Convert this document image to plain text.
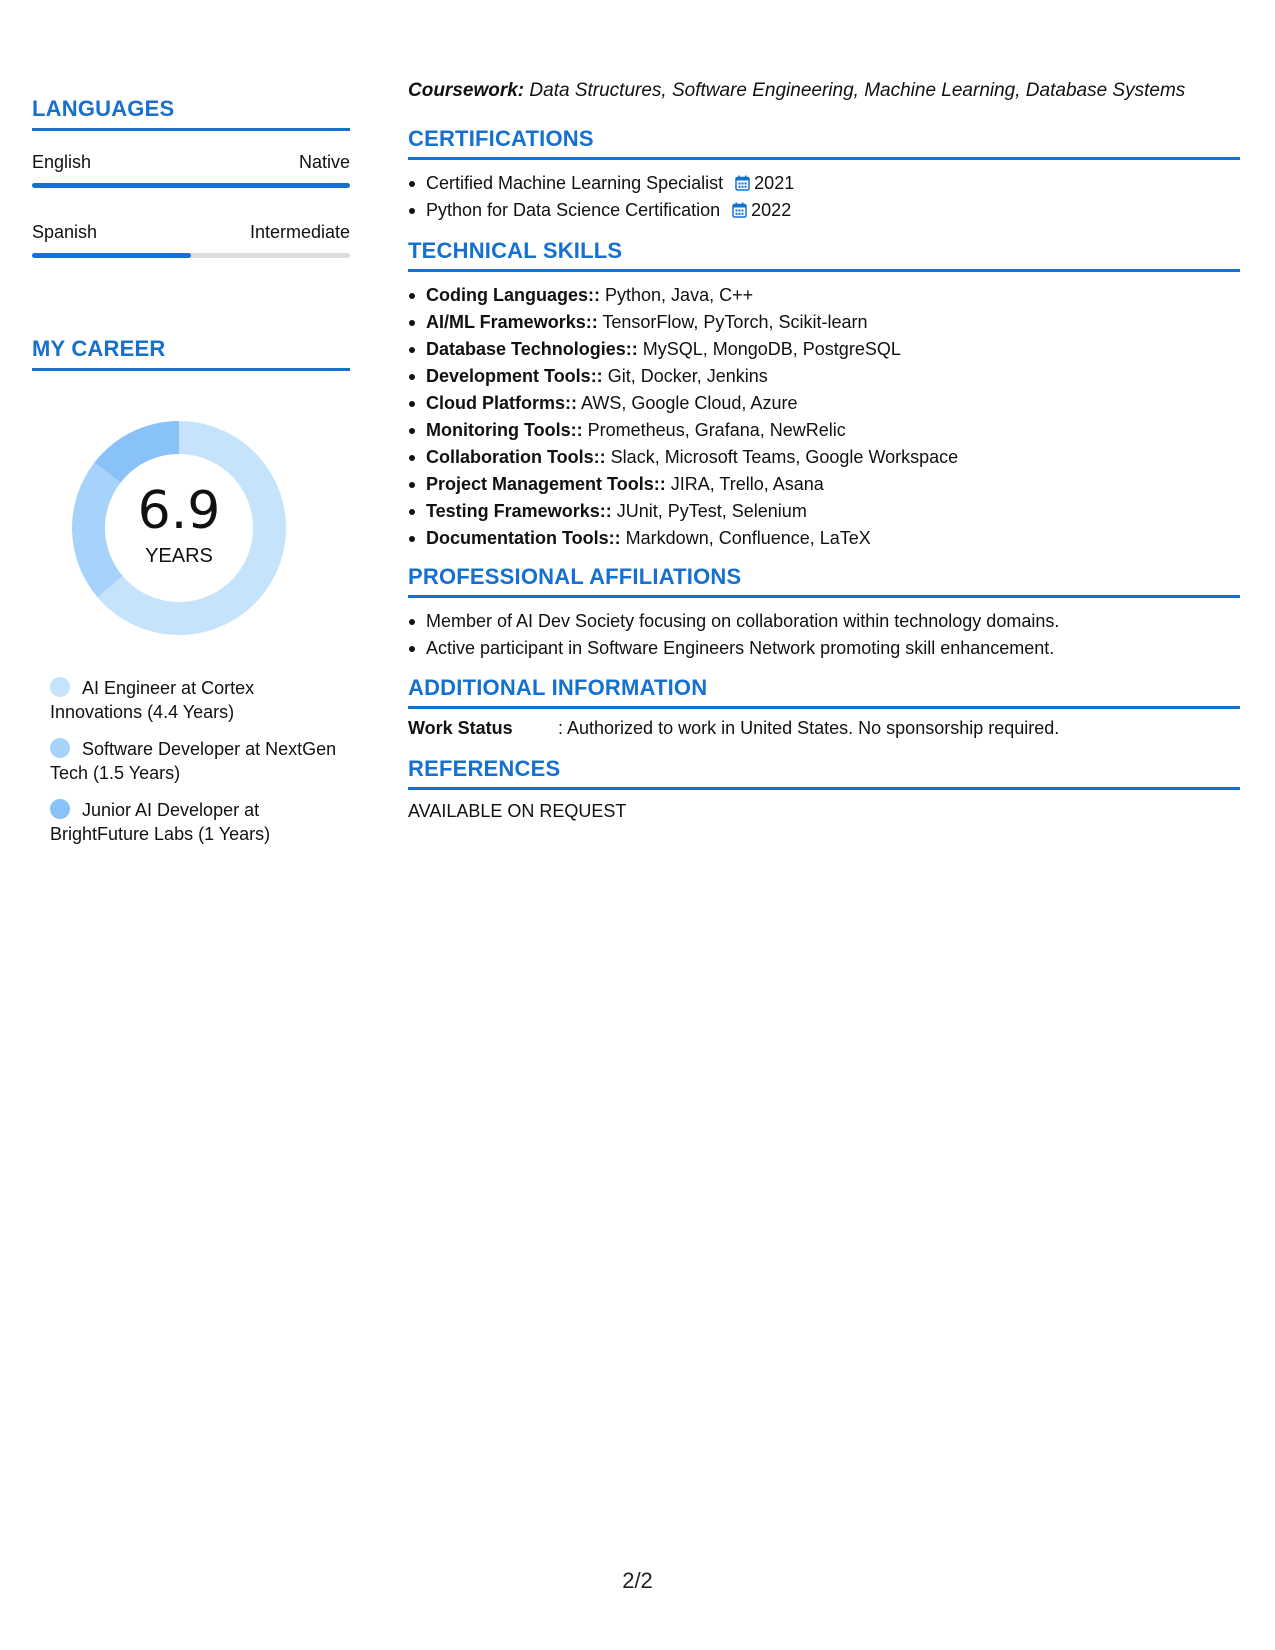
LANGUAGES
English	Native
Spanish	Intermediate
MY CAREER
6.9
YEARS
AI Engineer at Cortex Innovations (4.4 Years)
Software Developer at NextGen Tech (1.5 Years)
Junior AI Developer at BrightFuture Labs (1 Years)
Coursework: Data Structures, Software Engineering, Machine Learning, Database Systems
CERTIFICATIONS
Certified Machine Learning Specialist 2021
Python for Data Science Certification 2022
TECHNICAL SKILLS
Coding Languages:: Python, Java, C++
AI/ML Frameworks:: TensorFlow, PyTorch, Scikit-learn
Database Technologies:: MySQL, MongoDB, PostgreSQL
Development Tools:: Git, Docker, Jenkins
Cloud Platforms:: AWS, Google Cloud, Azure
Monitoring Tools:: Prometheus, Grafana, NewRelic
Collaboration Tools:: Slack, Microsoft Teams, Google Workspace
Project Management Tools:: JIRA, Trello, Asana
Testing Frameworks:: JUnit, PyTest, Selenium
Documentation Tools:: Markdown, Confluence, LaTeX
PROFESSIONAL AFFILIATIONS
Member of AI Dev Society focusing on collaboration within technology domains.
Active participant in Software Engineers Network promoting skill enhancement.
ADDITIONAL INFORMATION
Work Status	: Authorized to work in United States. No sponsorship required.
REFERENCES
AVAILABLE ON REQUEST
2/2
